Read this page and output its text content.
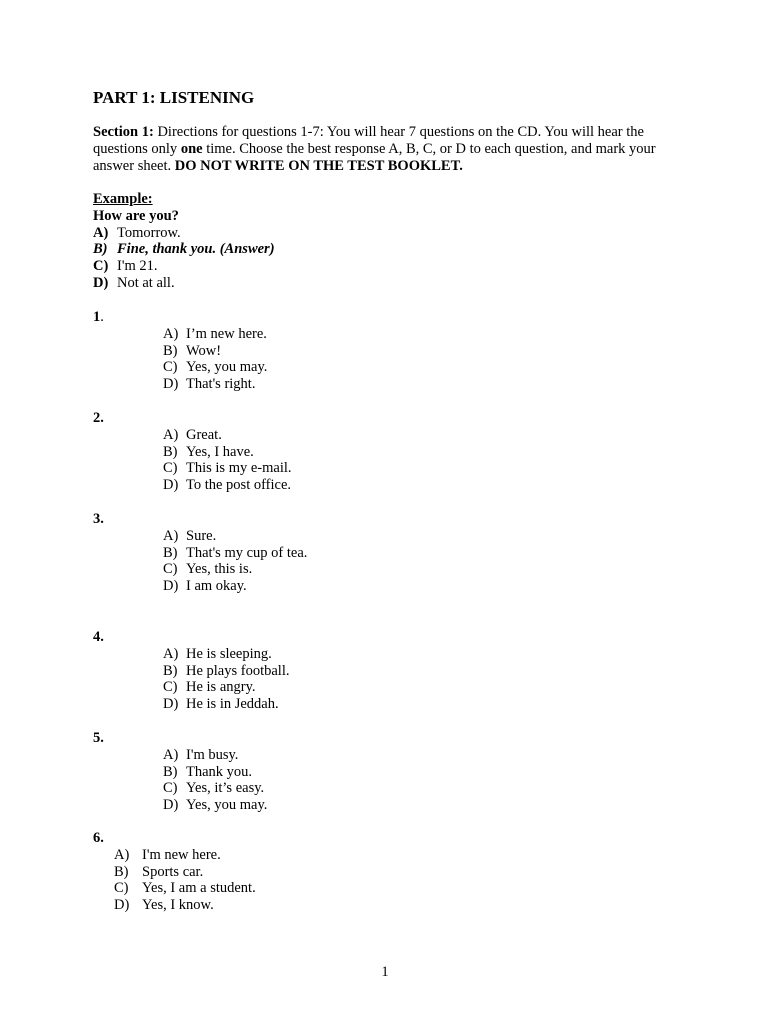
PART 1: LISTENING

Section 1: Directions for questions 1-7: You will hear 7 questions on the CD. You will hear the questions only one time. Choose the best response A, B, C, or D to each question, and mark your answer sheet. DO NOT WRITE ON THE TEST BOOKLET.

Example:
How are you?
A) Tomorrow.
B) Fine, thank you. (Answer)
C) I'm 21.
D) Not at all.
1.
A) I’m new here.
B) Wow!
C) Yes, you may.
D) That's right.
2.
A) Great.
B) Yes, I have.
C) This is my e-mail.
D) To the post office.
3.
A) Sure.
B) That's my cup of tea.
C) Yes, this is.
D) I am okay.
4.
A) He is sleeping.
B) He plays football.
C) He is angry.
D) He is in Jeddah.
5.
A) I'm busy.
B) Thank you.
C) Yes, it’s easy.
D) Yes, you may.
6.
A) I'm new here.
B) Sports car.
C) Yes, I am a student.
D) Yes, I know.
1
